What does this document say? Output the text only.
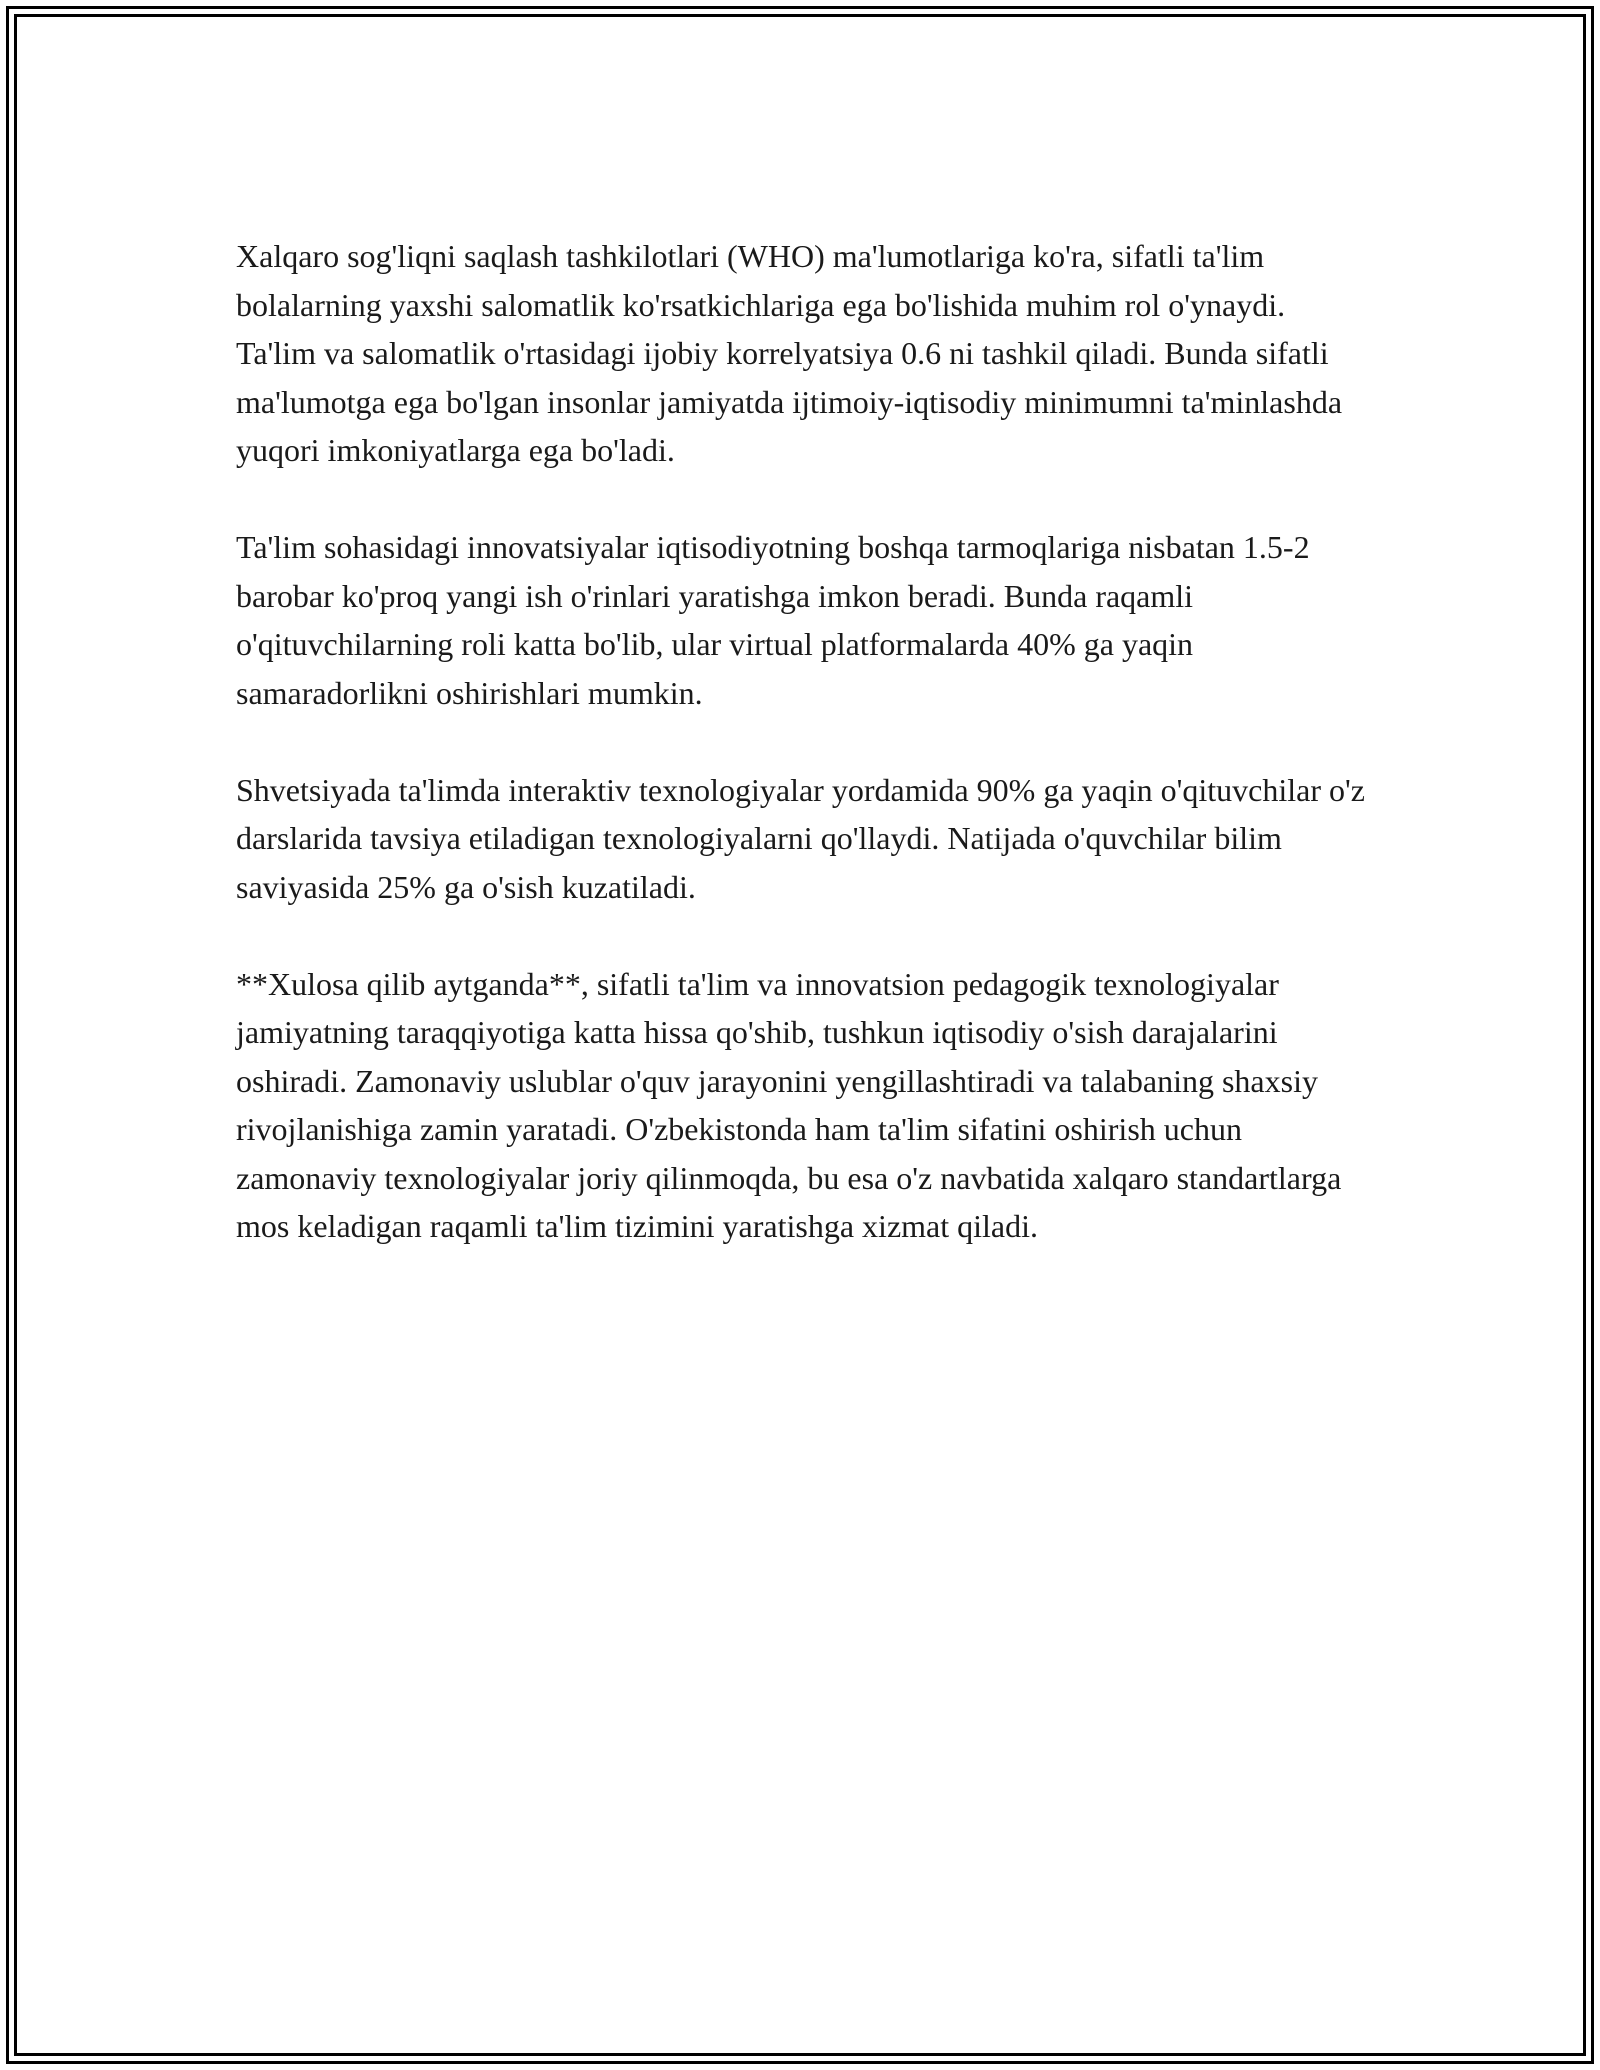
Xalqaro sog'liqni saqlash tashkilotlari (WHO) ma'lumotlariga ko'ra, sifatli ta'lim bolalarning yaxshi salomatlik ko'rsatkichlariga ega bo'lishida muhim rol o'ynaydi. Ta'lim va salomatlik o'rtasidagi ijobiy korrelyatsiya 0.6 ni tashkil qiladi. Bunda sifatli ma'lumotga ega bo'lgan insonlar jamiyatda ijtimoiy-iqtisodiy minimumni ta'minlashda yuqori imkoniyatlarga ega bo'ladi.

Ta'lim sohasidagi innovatsiyalar iqtisodiyotning boshqa tarmoqlariga nisbatan 1.5-2 barobar ko'proq yangi ish o'rinlari yaratishga imkon beradi. Bunda raqamli o'qituvchilarning roli katta bo'lib, ular virtual platformalarda 40% ga yaqin samaradorlikni oshirishlari mumkin.

Shvetsiyada ta'limda interaktiv texnologiyalar yordamida 90% ga yaqin o'qituvchilar o'z darslarida tavsiya etiladigan texnologiyalarni qo'llaydi. Natijada o'quvchilar bilim saviyasida 25% ga o'sish kuzatiladi.

**Xulosa qilib aytganda**, sifatli ta'lim va innovatsion pedagogik texnologiyalar jamiyatning taraqqiyotiga katta hissa qo'shib, tushkun iqtisodiy o'sish darajalarini oshiradi. Zamonaviy uslublar o'quv jarayonini yengillashtiradi va talabaning shaxsiy rivojlanishiga zamin yaratadi. O'zbekistonda ham ta'lim sifatini oshirish uchun zamonaviy texnologiyalar joriy qilinmoqda, bu esa o'z navbatida xalqaro standartlarga mos keladigan raqamli ta'lim tizimini yaratishga xizmat qiladi.
